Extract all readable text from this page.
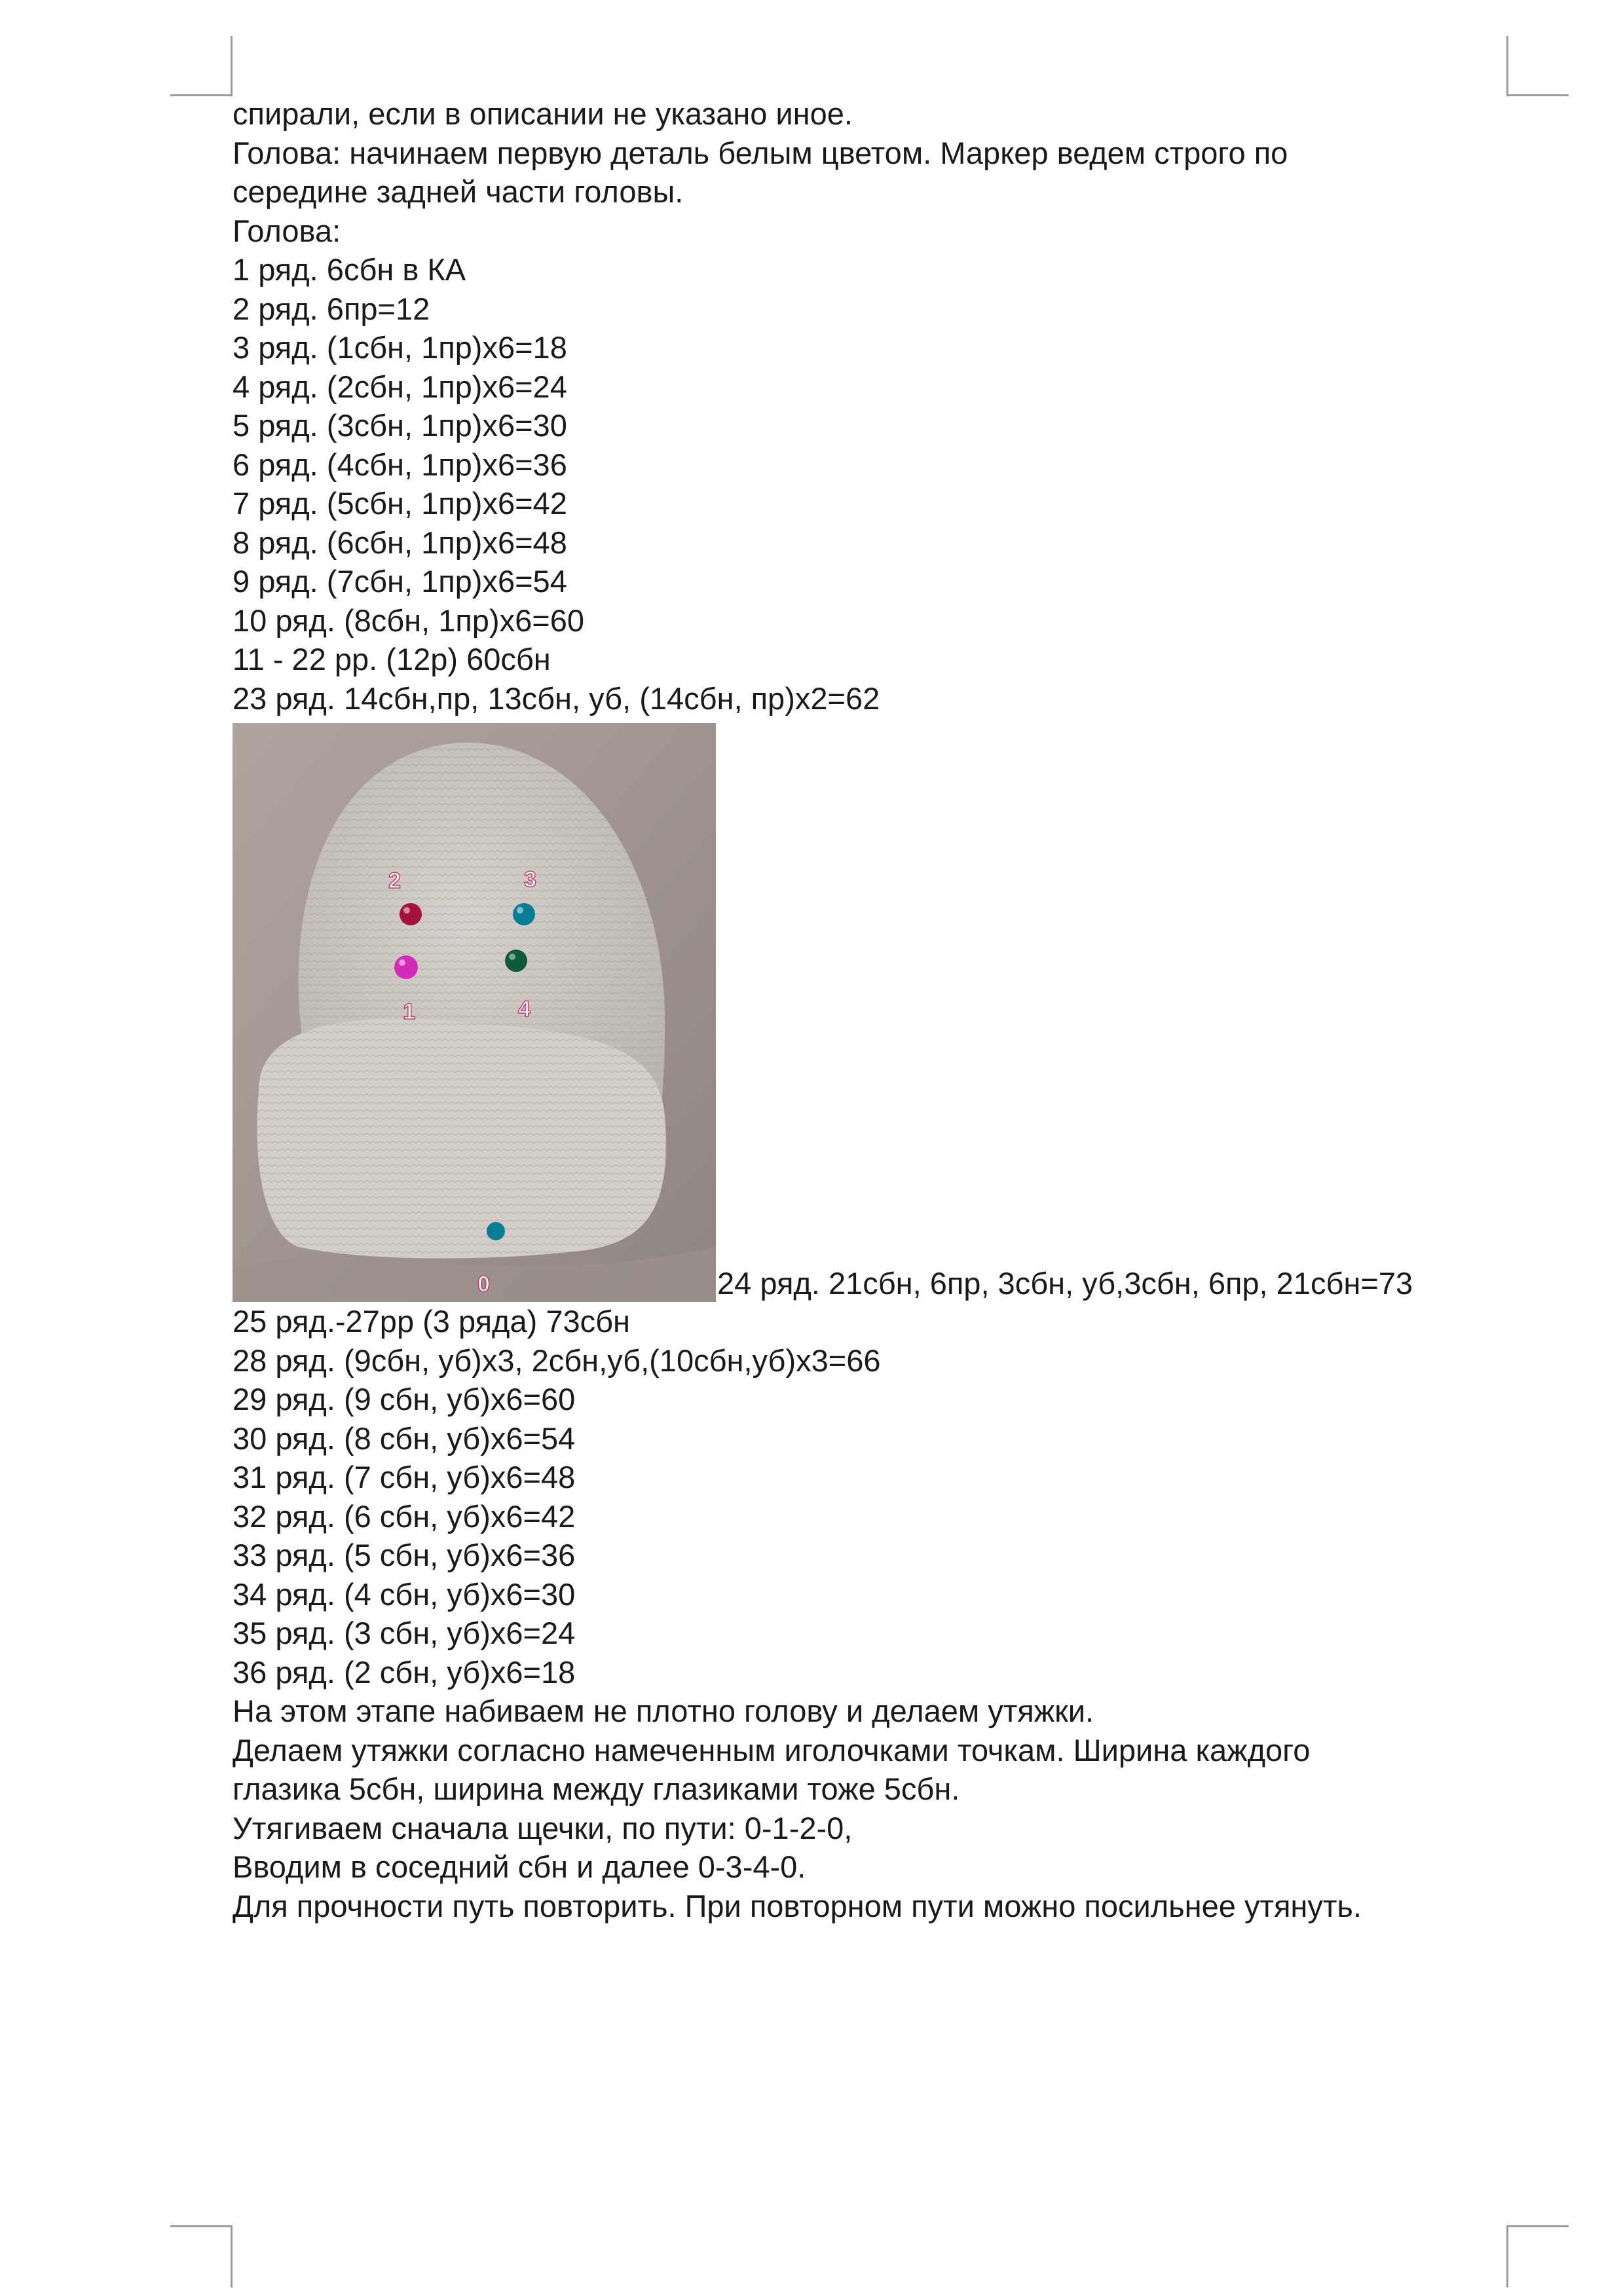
спирали, если в описании не указано иное.
Голова: начинаем первую деталь белым цветом. Маркер ведем строго по
середине задней части головы.
Голова:
1 ряд. 6сбн в КА
2 ряд. 6пр=12
3 ряд. (1сбн, 1пр)х6=18
4 ряд. (2сбн, 1пр)х6=24
5 ряд. (3сбн, 1пр)х6=30
6 ряд. (4сбн, 1пр)х6=36
7 ряд. (5сбн, 1пр)х6=42
8 ряд. (6сбн, 1пр)х6=48
9 ряд. (7сбн, 1пр)х6=54
10 ряд. (8сбн, 1пр)х6=60
11 - 22 рр. (12р) 60сбн
23 ряд. 14сбн,пр, 13сбн, уб, (14сбн, пр)х2=62
2	3
1	4
0	24 ряд. 21сбн, 6пр, 3сбн, уб,3сбн, 6пр, 21сбн=73
25 ряд.-27рр (3 ряда) 73сбн
28 ряд. (9сбн, уб)х3, 2сбн,уб,(10сбн,уб)х3=66
29 ряд. (9 сбн, уб)х6=60
30 ряд. (8 сбн, уб)х6=54
31 ряд. (7 сбн, уб)х6=48
32 ряд. (6 сбн, уб)х6=42
33 ряд. (5 сбн, уб)х6=36
34 ряд. (4 сбн, уб)х6=30
35 ряд. (3 сбн, уб)х6=24
36 ряд. (2 сбн, уб)х6=18
На этом этапе набиваем не плотно голову и делаем утяжки.
Делаем утяжки согласно намеченным иголочками точкам. Ширина каждого
глазика 5сбн, ширина между глазиками тоже 5сбн.
Утягиваем сначала щечки, по пути: 0-1-2-0,
Вводим в соседний сбн и далее 0-3-4-0.
Для прочности путь повторить. При повторном пути можно посильнее утянуть.
